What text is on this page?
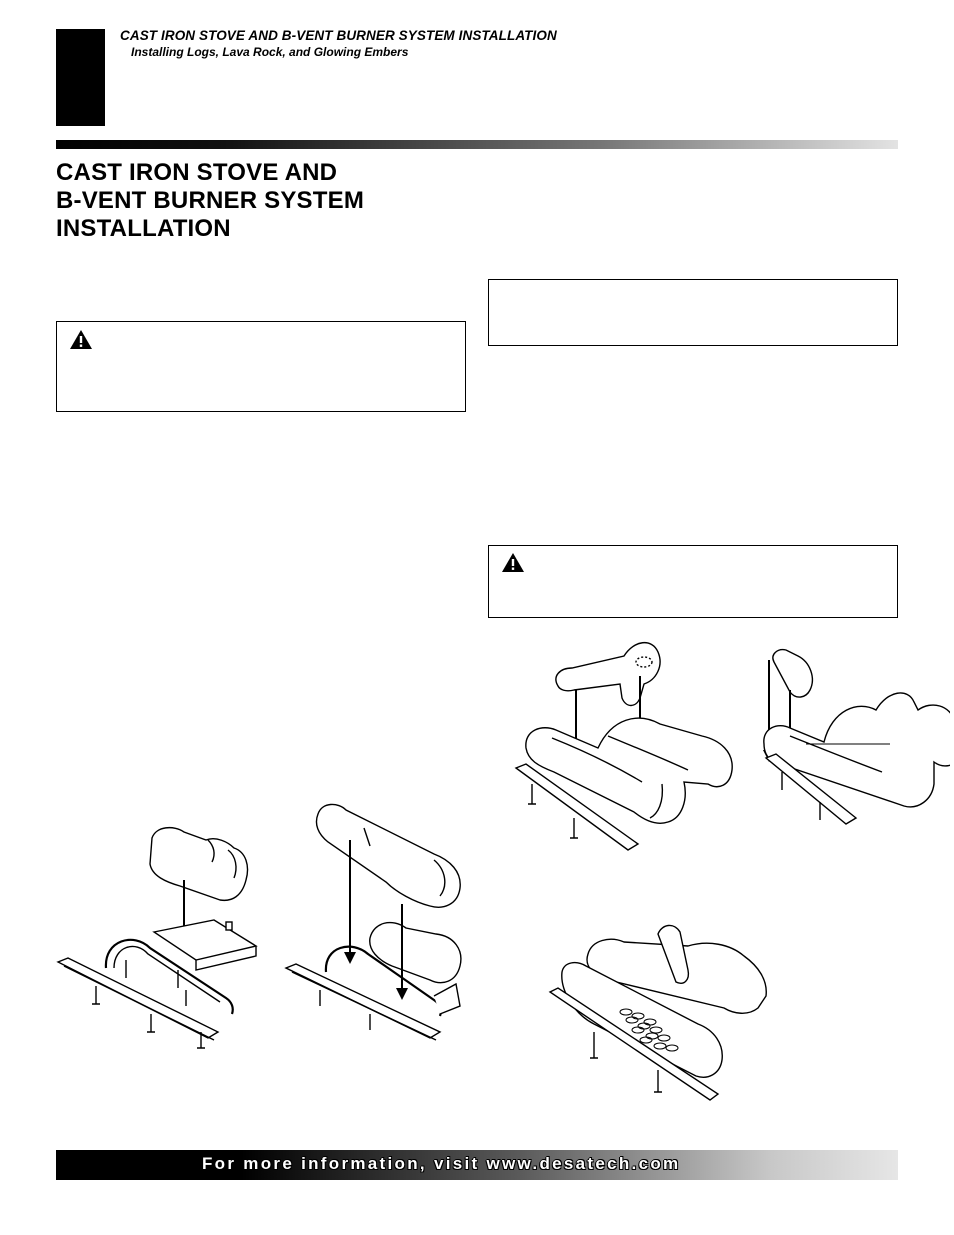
CAST IRON STOVE AND B-VENT BURNER SYSTEM INSTALLATION
Installing Logs, Lava Rock, and Glowing Embers
CAST IRON STOVE AND
B-VENT BURNER SYSTEM
INSTALLATION
For more information, visit www.desatech.com
